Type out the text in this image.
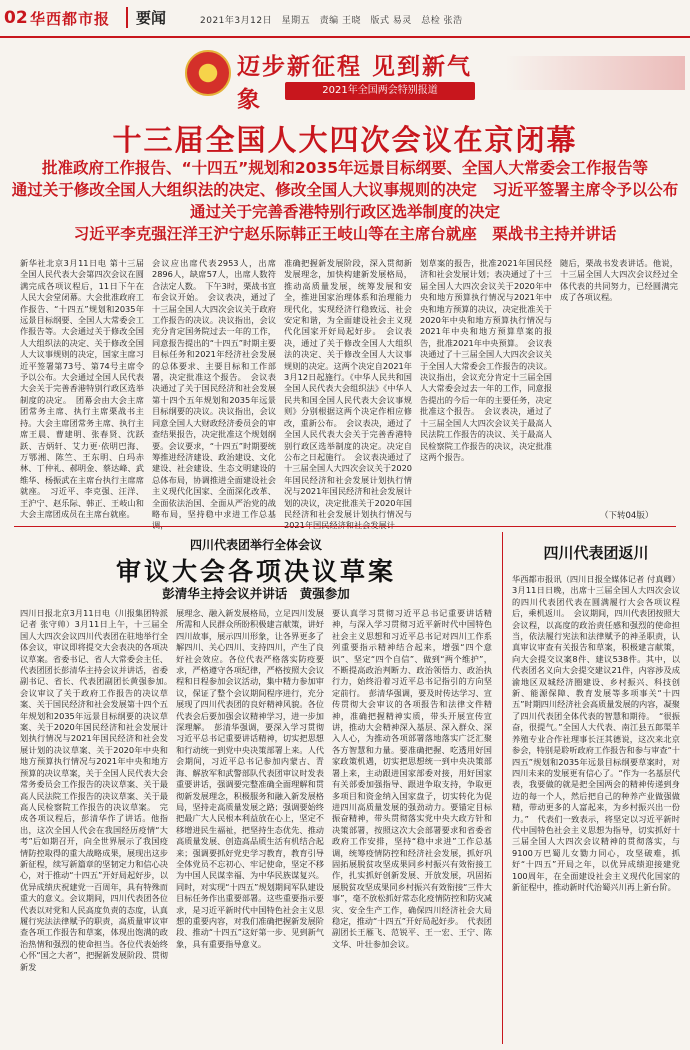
02 华西都市报	要闻	2021年3月12日　星期五　责编 王晓　版式 易灵　总检 张浩
迈步新征程 见到新气象	2021年全国两会特别报道
十三届全国人大四次会议在京闭幕
批准政府工作报告、“十四五”规划和2035年远景目标纲要、全国人大常委会工作报告等
通过关于修改全国人大组织法的决定、修改全国人大议事规则的决定　习近平签署主席令予以公布
通过关于完善香港特别行政区选举制度的决定
习近平李克强汪洋王沪宁赵乐际韩正王岐山等在主席台就座　栗战书主持并讲话
新华社北京3月11日电 第十三届全国人民代表大会第四次会议在圆满完成各项议程后，11日下午在人民大会堂闭幕。大会批准政府工作报告、“十四五”规划和2035年远景目标纲要、全国人大常委会工作报告等。大会通过关于修改全国人大组织法的决定、关于修改全国人大议事规则的决定，国家主席习近平签署第73号、第74号主席令予以公布。大会通过全国人民代表大会关于完善香港特别行政区选举制度的决定。　团幕会由大会主席团常务主席、执行主席栗战书主持。大会主席团常务主席、执行主席王晨、曹建明、张春贤、沈跃跃、吉炳轩、艾力更·依明巴海、万鄂湘、陈竺、王东明、白玛赤林、丁仲礼、郝明金、蔡达峰、武维华、杨振武在主席台执行主席席就座。　习近平、李克强、汪洋、王沪宁、赵乐际、韩正、王岐山和大会主席团成员在主席台就座。
会议应出席代表2953人，出席2896人，缺席57人，出席人数符合法定人数。　下午3时，栗战书宣布会议开始。　会议表决，通过了十三届全国人大四次会议关于政府工作报告的决议。决议指出，会议充分肯定国务院过去一年的工作，同意报告提出的“十四五”时期主要目标任务和2021年经济社会发展的总体要求、主要目标和工作部署，决定批准这个报告。　会议表决通过了关于国民经济和社会发展第十四个五年规划和2035年远景目标纲要的决议。决议指出，会议同意全国人大财政经济委员会的审查结果报告，决定批准这个规划纲要。会议要求，“十四五”时期要统筹推进经济建设、政治建设、文化建设、社会建设、生态文明建设的总体布局，协调推进全面建设社会主义现代化国家、全面深化改革、全面依法治国、全面从严治党的战略布局，坚持稳中求进工作总基
准确把握新发展阶段，深入贯彻新发展理念，加快构建新发展格局，推动高质量发展，统筹发展和安全，推进国家治理体系和治理能力现代化，实现经济行稳致远、社会安定和谐，为全面建设社会主义现代化国家开好局起好步。　会议表决，通过了关于修改全国人大组织法的决定、关于修改全国人大议事规则的决定。这两个决定自2021年3月12日起施行。《中华人民共和国全国人民代表大会组织法》《中华人民共和国全国人民代表大会议事规则》分别根据这两个决定作相应修改，重新公布。　会议表决，通过了全国人民代表大会关于完善香港特别行政区选举制度的决定。决定自公布之日起施行。　会议表决通过了十三届全国人大四次会议关于2020年国民经济和社会发展计划执行情况与2021年国民经济和社会发展计划的决议，决定批准关于2020年国民经济和社会发展计划执行情况与
划草案的报告，批准2021年国民经济和社会发展计划；表决通过了十三届全国人大四次会议关于2020年中央和地方预算执行情况与2021年中央和地方预算的决议，决定批准关于2020年中央和地方预算执行情况与2021年中央和地方预算草案的报告，批准2021年中央预算。　会议表决通过了十三届全国人大四次会议关于全国人大常委会工作报告的决议。决议指出，会议充分肯定十三届全国人大常委会过去一年的工作，同意报告提出的今后一年的主要任务，决定批准这个报告。　会议表决，通过了十三届全国人大四次会议关于最高人民法院工作报告的决议、关于最高人民检察院工作报告的决议，决定批准这两个报告。
随后，栗战书发表讲话。他说，十三届全国人大四次会议经过全体代表的共同努力，已经圆满完成了各项议程。
（下转04版）
四川代表团举行全体会议
审议大会各项决议草案
彭清华主持会议并讲话　黄强参加
四川日报北京3月11日电（川报集团特派记者 张守帅）3月11日上午，十三届全国人大四次会议四川代表团在驻地举行全体会议，审议即将提交大会表决的各项决议草案。省委书记、省人大常委会主任、代表团团长彭清华主持会议并讲话，省委副书记、省长、代表团副团长黄强参加。　会议审议了关于政府工作报告的决议草案、关于国民经济和社会发展第十四个五年规划和2035年远景目标纲要的决议草案、关于2020年国民经济和社会发展计划执行情况与2021年国民经济和社会发展计划的决议草案、关于2020年中央和地方预算执行情况与2021年中央和地方预算的决议草案，关于全国人民代表大会常务委员会工作报告的决议草案、关于最高人民法院工作报告的决议草案、关于最高人民检察院工作报告的决议草案。　完成各项议程后，彭清华作了讲话。他指出，这次全国人代会在我国经历疫情“大考”后如期召开，向全世界展示了我国疫情防控取得的重大战略成果，展现出这步新征程，续写新篇章的坚韧定力和信心决心，对于推动“十四五”开好局起好步，以优异成绩庆祝建党一百周年，具有特殊而重大的意义。会议期间，四川代表团各位代表以对党和人民高度负责的态度，认真履行宪法法律赋予的职责，高质量审议审查各项工作报告和草案，体现出饱满的政治热情和强烈的使命担当。各位代表始终心怀“国之大者”，把握新发展阶段、贯彻新发
展理念、融入新发展格局，立足四川发展所需和人民群众所盼积极建言献策，讲好四川故事，展示四川形象，让各界更多了解四川、关心四川、支持四川，产生了良好社会效应。各位代表严格落实防疫要求，严格遵守各项纪律，严格按照大会议程和日程参加会议活动，集中精力参加审议，保证了整个会议期间程序进行，充分展现了四川代表团的良好精神风貌。各位代表会后要加强会议精神学习，进一步加深理解。　彭清华强调，要深入学习贯彻习近平总书记重要讲话精神，切实把思想和行动统一到党中央决策部署上来。人代会期间，习近平总书记参加内蒙古、青海、解放军和武警部队代表团审议时发表重要讲话，强调要完整准确全面理解和贯彻新发展理念，积极服务和融入新发展格局，坚持走高质量发展之路；强调要始终把最广大人民根本利益放在心上，坚定不移增进民生福祉，把坚持生态优先、推动高质量发展、创造高品质生活有机结合起来；强调要抓好党史学习教育，教育引导全体党员不忘初心、牢记使命，坚定不移为中国人民谋幸福、为中华民族谋复兴。同时，对实现“十四五”规划期间军队建设目标任务作出重要部署。这些重要指示要求，是习近平新时代中国特色社会主义思想的重要内容，对我们准确把握新发展阶段、推动“十四五”这好第一步、见到新气象，具有重要指导意义。
要认真学习贯彻习近平总书记重要讲话精神，与深入学习贯彻习近平新时代中国特色社会主义思想和习近平总书记对四川工作系列重要指示精神结合起来，增强“四个意识”、坚定“四个自信”、做到“两个维护”，不断提高政治判断力、政治领悟力、政治执行力，始终沿着习近平总书记指引的方向坚定前行。　彭清华强调，要及时传达学习、宣传贯彻大会审议的各项报告和法律文件精神，准确把握精神实质，带头开展宣传宣讲，推动大会精神深入基层、深入群众、深入人心，为推动各项部署落地落实广泛汇聚各方智慧和力量。要准确把握、吃透用好国家政策机遇，切实把思想统一到中央决策部署上来，主动跟进国家部委对接，用好国家有关部委加强指导、跟进争取支持，争取更多项目和资金纳入国家盘子，切实转化为促进四川高质量发展的强劲动力。要锚定目标振奋精神，带头贯彻落实党中央大政方针和决策部署，按照这次大会部署要求和省委省政府工作安排，坚持“稳中求进”工作总基调，统筹疫情防控和经济社会发展，抓好巩固拓展脱贫攻坚成果同乡村振兴有效衔接工作，扎实抓好创新发展、开放发展，巩固拓展脱贫攻坚成果同乡村振兴有效衔接“三件大事”，毫不放松抓好常态化疫情防控和防灾减灾、安全生产工作，确保四川经济社会大局稳定，推动“十四五”开好局起好步。　代表团副团长王雁飞、范锐平、王一宏、王宁、陈文华、叶壮参加会议。
四川代表团返川
华西都市报讯（四川日报全媒体记者 付真卿）3月11日日晚，出席十三届全国人大四次会议的四川代表团代表在圆满履行大会各项议程后，乘机返川。　会议期间，四川代表团按照大会议程，以高度的政治责任感和强烈的使命担当，依法履行宪法和法律赋予的神圣职责，认真审议审查有关报告和草案，积极建言献策，向大会提交议案8件、建议538件。其中，以代表团名义向大会提交建议21件，内容涉及成渝地区双城经济圈建设、乡村振兴、科技创新、能源保障、教育发展等多项事关“十四五”时期四川经济社会高质量发展的内容，凝聚了四川代表团全体代表的智慧和期待。　“很振奋，很提气。”全国人大代表、南江县五郎渠羊养殖专业合作社理事长汪其德说，这次来北京参会，特别是聆听政府工作报告和参与审查“十四五”规划和2035年远景目标纲要草案时，对四川未来的发展更有信心了。“作为一名基层代表，我要做的就是把全国两会的精神传递到身边的每一个人，然后把自己的种养产业做强做精，带动更多的人富起来，为乡村振兴出一份力。”　代表们一致表示，将坚定以习近平新时代中国特色社会主义思想为指导，切实抓好十三届全国人大四次会议精神的贯彻落实，与9100万巴蜀儿女勠力同心，攻坚破难，抓好“十四五”开局之年，以优异成绩迎接建党100周年，在全面建设社会主义现代化国家的新征程中，推动新时代治蜀兴川再上新台阶。
